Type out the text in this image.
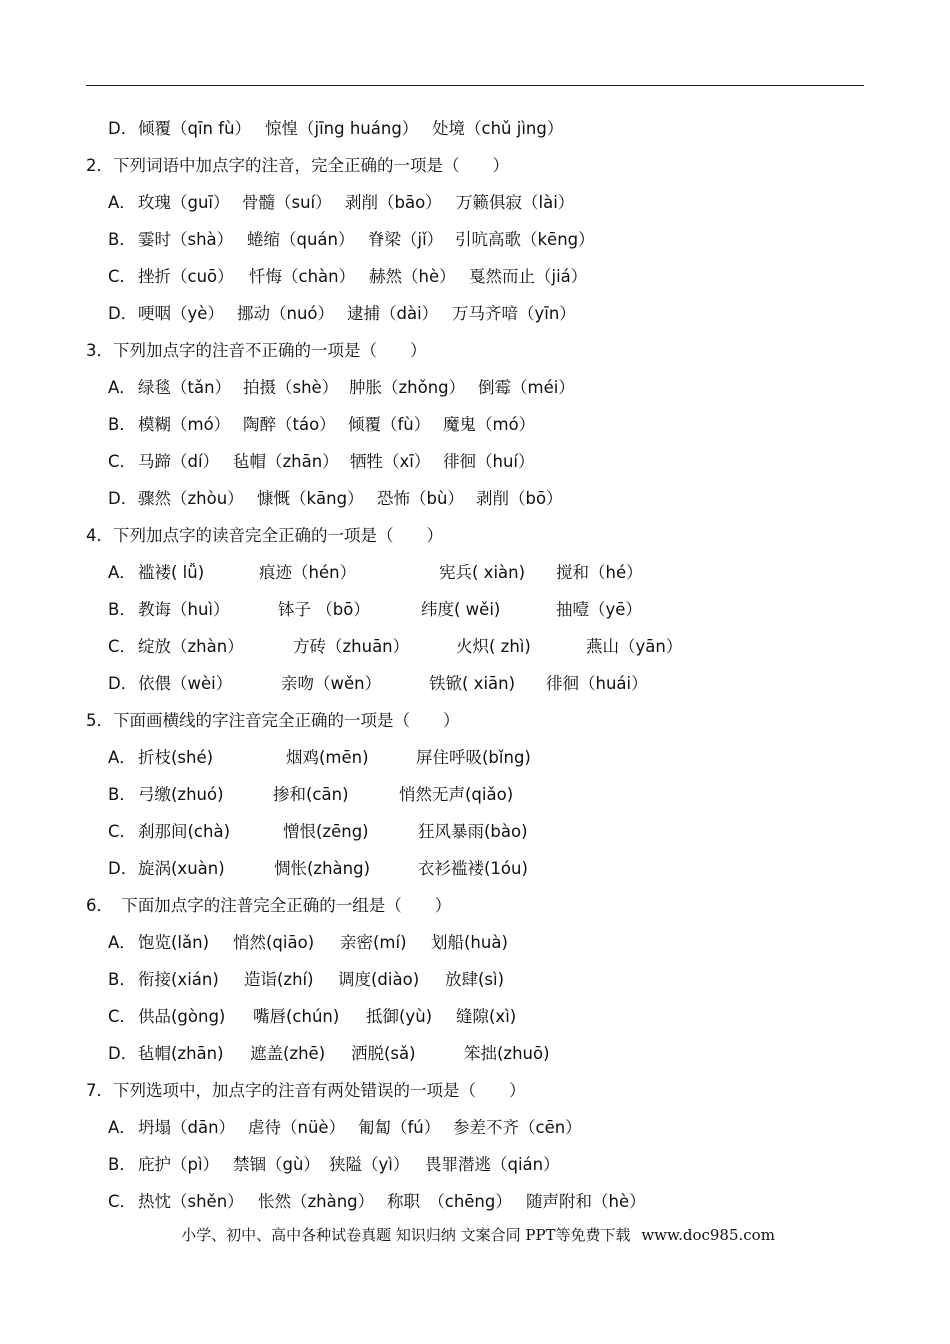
D． 倾覆（qīn fù） 惊惶（jīng huáng） 处境（chǔ jìng）
2．下列词语中加点字的注音，完全正确的一项是（　　）
A． 玫瑰（guī） 骨髓（suí） 剥削（bāo） 万籁俱寂（lài）
B． 霎时（shà） 蜷缩（quán） 脊梁（jǐ） 引吭高歌（kēng）
C． 挫折（cuō） 忏悔（chàn） 赫然（hè） 戛然而止（jiá）
D． 哽咽（yè） 挪动（nuó） 逮捕（dài） 万马齐喑（yīn）
3．下列加点字的注音不正确的一项是（　　）
A． 绿毯（tǎn） 拍摄（shè） 肿胀（zhǒng） 倒霉（méi）
B． 模糊（mó） 陶醉（táo） 倾覆（fù） 魔鬼（mó）
C． 马蹄（dí） 毡帽（zhān） 牺牲（xī） 徘徊（huí）
D． 骤然（zhòu） 慷慨（kāng） 恐怖（bù） 剥削（bō）
4．下列加点字的读音完全正确的一项是（　　）
A． 褴褛( lǚ)	痕迹（hén）	宪兵( xiàn) 搅和（hé）
B． 教诲（huì）	钵子 （bō）	纬度( wěi)	抽噎（yē）
C． 绽放（zhàn）	方砖（zhuān）	火炽( zhì)	燕山（yān）
D． 依偎（wèi）	亲吻（wěn）	铁锨( xiān) 徘徊（huái）
5．下面画横线的字注音完全正确的一项是（　　）
A． 折枝(shé)	烟鸡(mēn)	屏住呼吸(bǐng)
B． 弓缴(zhuó)	掺和(cān)	悄然无声(qiǎo)
C． 刹那间(chà)	憎恨(zēng)	狂风暴雨(bào)
D． 旋涡(xuàn)	惆怅(zhàng)	衣衫褴褛(1óu)
6．　下面加点字的注普完全正确的一组是（　　）
A． 饱览(lǎn) 悄然(qiāo) 亲密(mí) 划船(huà)
B． 衔接(xián) 造诣(zhí) 调度(diào) 放肆(sì)
C． 供品(gòng) 嘴唇(chún) 抵御(yù) 缝隙(xì)
D． 毡帽(zhān) 遮盖(zhē) 洒脱(sǎ)	笨拙(zhuō)
7．下列选项中，加点字的注音有两处错误的一项是（　　）
A． 坍塌（dān） 虐待（nüè） 匍匐（fú） 参差不齐（cēn）
B． 庇护（pì） 禁锢（gù） 狭隘（yì） 畏罪潜逃（qián）
C． 热忱（shěn） 怅然（zhàng） 称职　（chēng） 随声附和（hè）
小学、初中、高中各种试卷真题 知识归纳 文案合同 PPT等免费下载 www.doc985.com
